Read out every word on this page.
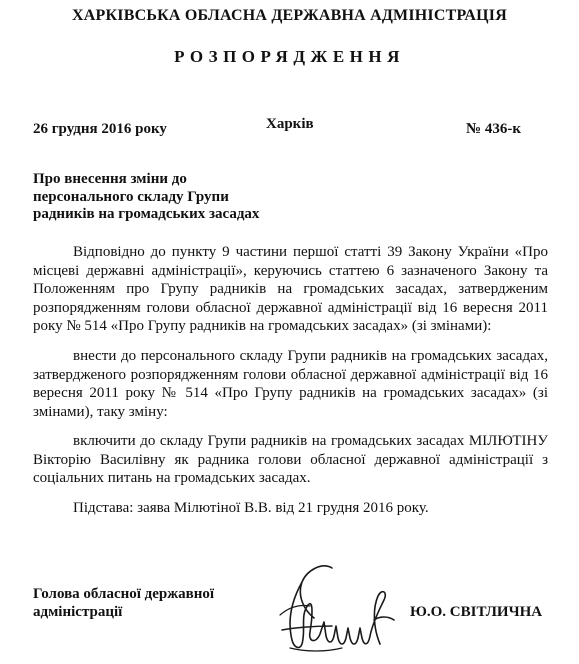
ХАРКІВСЬКА ОБЛАСНА ДЕРЖАВНА АДМІНІСТРАЦІЯ
РОЗПОРЯДЖЕННЯ
26 грудня 2016 року	Харків	№ 436-к
Про внесення зміни до
персонального складу Групи
радників на громадських засадах
Відповідно до пункту 9 частини першої статті 39 Закону України «Про місцеві державні адміністрації», керуючись статтею 6 зазначеного Закону та Положенням про Групу радників на громадських засадах, затвердженим розпорядженням голови обласної державної адміністрації від 16 вересня 2011 року № 514 «Про Групу радників на громадських засадах» (зі змінами):
внести до персонального складу Групи радників на громадських засадах, затвердженого розпорядженням голови обласної державної адміністрації від 16 вересня 2011 року № 514 «Про Групу радників на громадських засадах» (зі змінами), таку зміну:
включити до складу Групи радників на громадських засадах МІЛЮТІНУ Вікторію Василівну як радника голови обласної державної адміністрації з соціальних питань на громадських засадах.
Підстава: заява Мілютіної В.В. від 21 грудня 2016 року.
Голова обласної державної
адміністрації	Ю.О. СВІТЛИЧНА
